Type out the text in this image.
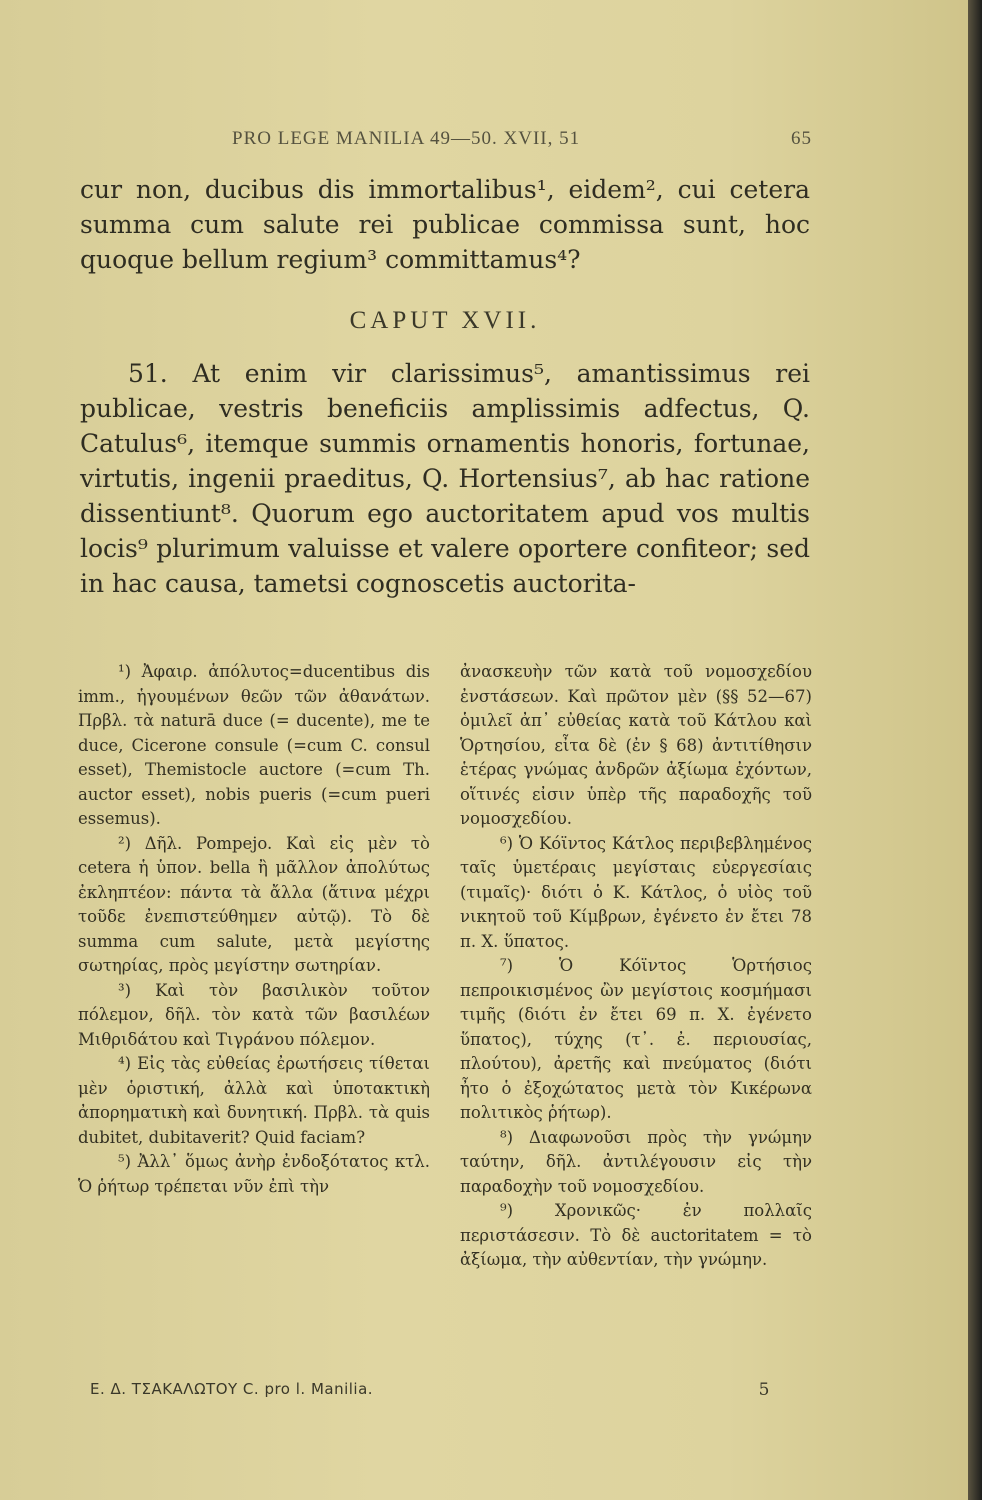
PRO LEGE MANILIA 49—50. XVII, 51	65

cur non, ducibus dis immortalibus¹, eidem², cui cetera summa cum salute rei publicae commissa sunt, hoc quoque bellum regium³ committamus⁴?

CAPUT XVII.

51. At enim vir clarissimus⁵, amantissimus rei publicae, vestris beneficiis amplissimis adfectus, Q. Catulus⁶, itemque summis ornamentis honoris, fortunae, virtutis, ingenii praeditus, Q. Hortensius⁷, ab hac ratione dissentiunt⁸. Quorum ego auctoritatem apud vos multis locis⁹ plurimum valuisse et valere oportere confiteor; sed in hac causa, tametsi cognoscetis auctorita-

¹) Ἀφαιρ. ἀπόλυτος=ducentibus dis imm., ἡγουμένων θεῶν τῶν ἀθανάτων. Πρβλ. τὰ naturā duce (= ducente), me te duce, Cicerone consule (=cum C. consul esset), Themistocle auctore (=cum Th. auctor esset), nobis pueris (=cum pueri essemus).

²) Δῆλ. Pompejo. Καὶ εἰς μὲν τὸ cetera ἡ ὑπον. bella ἢ μᾶλλον ἀπολύτως ἐκληπτέον: πάντα τὰ ἄλλα (ἅτινα μέχρι τοῦδε ἐνεπιστεύθημεν αὐτῷ). Τὸ δὲ summa cum salute, μετὰ μεγίστης σωτηρίας, πρὸς μεγίστην σωτηρίαν.

³) Καὶ τὸν βασιλικὸν τοῦτον πόλεμον, δῆλ. τὸν κατὰ τῶν βασιλέων Μιθριδάτου καὶ Τιγράνου πόλεμον.

⁴) Εἰς τὰς εὐθείας ἐρωτήσεις τίθεται μὲν ὁριστική, ἀλλὰ καὶ ὑποτακτικὴ ἀπορηματικὴ καὶ δυνητική. Πρβλ. τὰ quis dubitet, dubitaverit? Quid faciam?

⁵) Ἀλλ᾽ ὅμως ἀνὴρ ἐνδοξότατος κτλ. Ὁ ῥήτωρ τρέπεται νῦν ἐπὶ τὴν

ἀνασκευὴν τῶν κατὰ τοῦ νομοσχεδίου ἐνστάσεων. Καὶ πρῶτον μὲν (§§ 52—67) ὁμιλεῖ ἀπ᾽ εὐθείας κατὰ τοῦ Κάτλου καὶ Ὁρτησίου, εἶτα δὲ (ἐν § 68) ἀντιτίθησιν ἑτέρας γνώμας ἀνδρῶν ἀξίωμα ἐχόντων, οἵτινές εἰσιν ὑπὲρ τῆς παραδοχῆς τοῦ νομοσχεδίου.

⁶) Ὁ Κόϊντος Κάτλος περιβεβλημένος ταῖς ὑμετέραις μεγίσταις εὐεργεσίαις (τιμαῖς)· διότι ὁ Κ. Κάτλος, ὁ υἱὸς τοῦ νικητοῦ τοῦ Κίμβρων, ἐγένετο ἐν ἔτει 78 π. Χ. ὕπατος.

⁷) Ὁ Κόϊντος Ὁρτήσιος πεπροικισμένος ὢν μεγίστοις κοσμήμασι τιμῆς (διότι ἐν ἔτει 69 π. Χ. ἐγένετο ὕπατος), τύχης (τ᾽. ἐ. περιουσίας, πλούτου), ἀρετῆς καὶ πνεύματος (διότι ἦτο ὁ ἐξοχώτατος μετὰ τὸν Κικέρωνα πολιτικὸς ῥήτωρ).

⁸) Διαφωνοῦσι πρὸς τὴν γνώμην ταύτην, δῆλ. ἀντιλέγουσιν εἰς τὴν παραδοχὴν τοῦ νομοσχεδίου.

⁹) Χρονικῶς· ἐν πολλαῖς περιστάσεσιν. Τὸ δὲ auctoritatem = τὸ ἀξίωμα, τὴν αὐθεντίαν, τὴν γνώμην.

Ε. Δ. ΤΣΑΚΑΛΩΤΟΥ C. pro l. Manilia.	5
